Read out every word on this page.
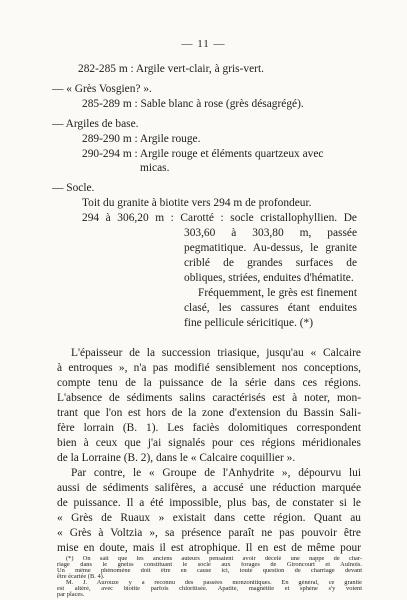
— 11 —
282-285 m : Argile vert-clair, à gris-vert.
— « Grès Vosgien? ».
285-289 m : Sable blanc à rose (grès désagrégé).
— Argiles de base.
289-290 m : Argile rouge.
290-294 m : Argile rouge et éléments quartzeux avec
micas.
— Socle.
Toit du granite à biotite vers 294 m de profondeur.
294 à 306,20 m : Carotté : socle cristallophyllien. De
303,60 à 303,80 m, passée
pegmatitique. Au-dessus, le granite
criblé de grandes surfaces de
obliques, striées, enduites d'hématite.
Fréquemment, le grès est finement
clasé, les cassures étant enduites
fine pellicule séricitique. (*)
L'épaisseur de la succession triasique, jusqu'au « Calcaire
à entroques », n'a pas modifié sensiblement nos conceptions,
compte tenu de la puissance de la série dans ces régions.
L'absence de sédiments salins caractérisés est à noter, mon-
trant que l'on est hors de la zone d'extension du Bassin Sali-
fère lorrain (B. 1). Les faciès dolomitiques correspondent
bien à ceux que j'ai signalés pour ces régions méridionales
de la Lorraine (B. 2), dans le « Calcaire coquillier ».
Par contre, le « Groupe de l'Anhydrite », dépourvu lui
aussi de sédiments salifères, a accusé une réduction marquée
de puissance. Il a été impossible, plus bas, de constater si le
« Grès de Ruaux » existait dans cette région. Quant au
« Grès à Voltzia », sa présence paraît ne pas pouvoir être
mise en doute, mais il est atrophique. Il en est de même pour
(*) On sait que les anciens auteurs pensaient avoir décelé une nappe de char-
riage dans le gneiss constituant le socle aux forages de Gironcourt et Aulnois.
Un même phénomène doit être en cause ici, toute question de charriage devant
être écartée (B. 4).
M. J. Aurouze y a reconnu des passées monzonitiques. En général, ce granite
est altéré, avec biotite parfois chloritisée. Apatite, magnétite et sphène s'y voient
par places.
